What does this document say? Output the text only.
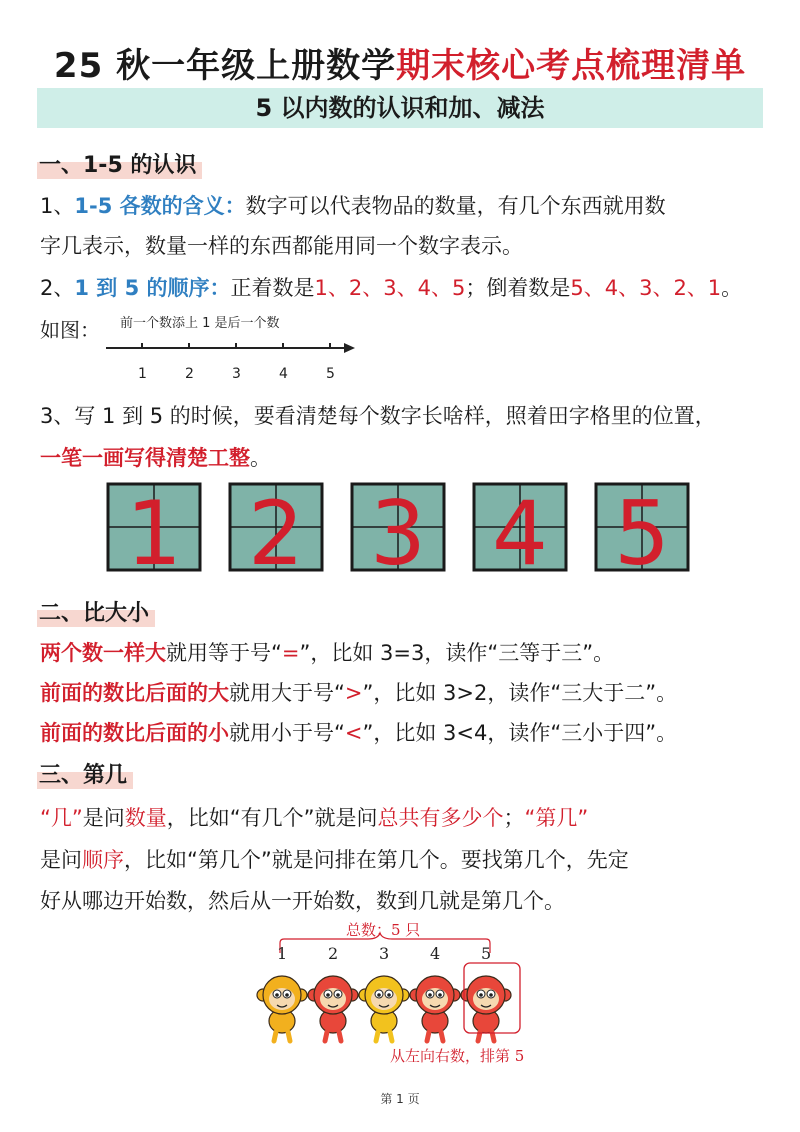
25 秋一年级上册数学期末核心考点梳理清单
5 以内数的认识和加、减法
一、1-5 的认识
1、1-5 各数的含义：数字可以代表物品的数量，有几个东西就用数
字几表示，数量一样的东西都能用同一个数字表示。
2、1 到 5 的顺序：正着数是1、2、3、4、5；倒着数是5、4、3、2、1。
如图： 前一个数添上 1 是后一个数
1	2	3	4	5
3、写 1 到 5 的时候，要看清楚每个数字长啥样，照着田字格里的位置，
一笔一画写得清楚工整。
1 2 3 4 5
二、比大小
两个数一样大就用等于号“=”，比如 3=3，读作“三等于三”。
前面的数比后面的大就用大于号“>”，比如 3>2，读作“三大于二”。
前面的数比后面的小就用小于号“<”，比如 3<4，读作“三小于四”。
三、第几
“几”是问数量，比如“有几个”就是问总共有多少个；“第几”
是问顺序，比如“第几个”就是问排在第几个。要找第几个，先定
好从哪边开始数，然后从一开始数，数到几就是第几个。
总数：5 只
1	2	3	4	5
从左向右数，排第 5
第 1 页
